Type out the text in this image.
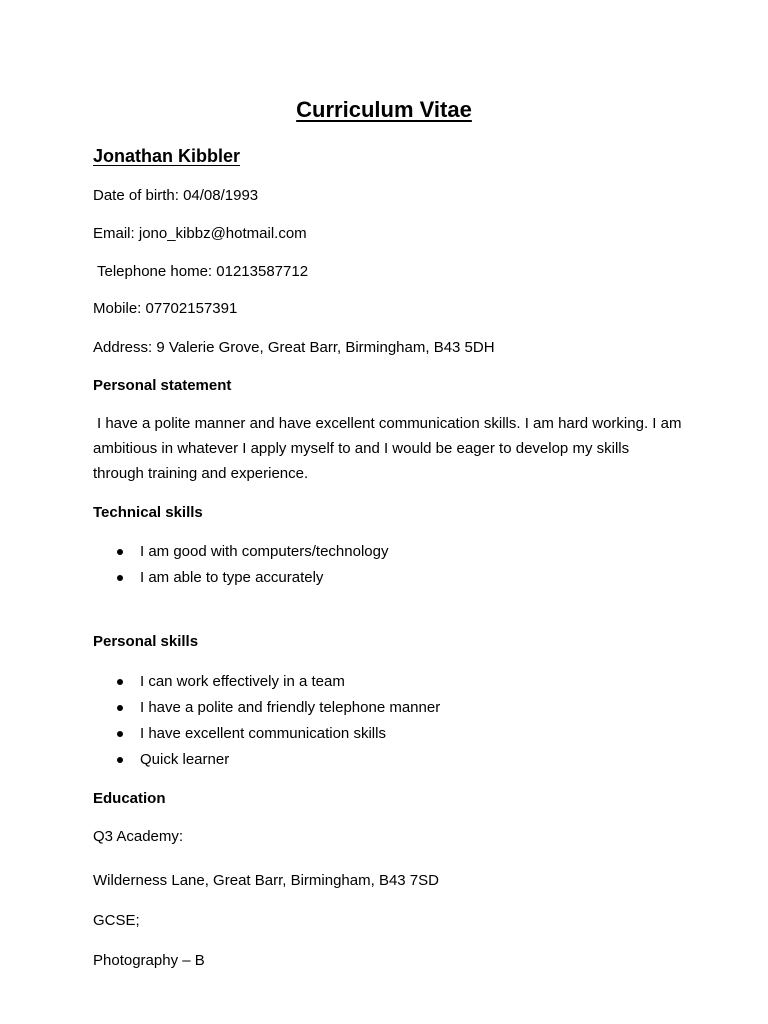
Curriculum Vitae
Jonathan Kibbler
Date of birth: 04/08/1993
Email: jono_kibbz@hotmail.com
Telephone home: 01213587712
Mobile: 07702157391
Address: 9 Valerie Grove, Great Barr, Birmingham, B43 5DH
Personal statement
I have a polite manner and have excellent communication skills. I am hard working. I am ambitious in whatever I apply myself to and I would be eager to develop my skills through training and experience.
Technical skills
I am good with computers/technology
I am able to type accurately
Personal skills
I can work effectively in a team
I have a polite and friendly telephone manner
I have excellent communication skills
Quick learner
Education
Q3 Academy:
Wilderness Lane, Great Barr, Birmingham, B43 7SD
GCSE;
Photography – B
